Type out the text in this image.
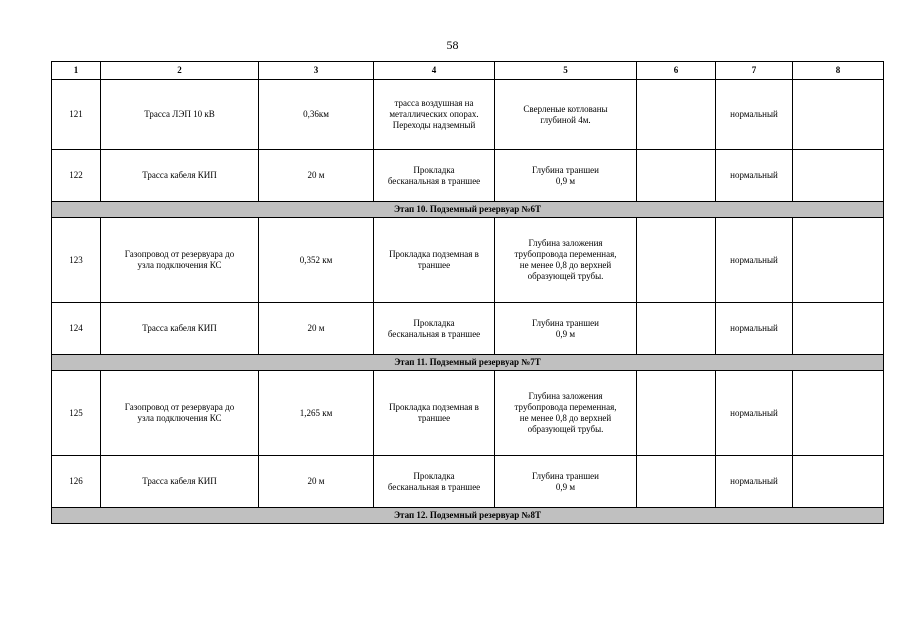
58
1	2	3	4	5	6	7	8
121	Трасса ЛЭП 10 кВ	0,36км	трасса воздушная на
металлических опорах.
Переходы надземный	Сверленые котлованы
глубиной 4м.		нормальный	
122	Трасса кабеля КИП	20 м	Прокладка
бесканальная в траншее	Глубина траншеи
0,9 м		нормальный	
Этап 10. Подземный резервуар №6Т							
123	Газопровод от резервуара до
узла подключения КС	0,352 км	Прокладка подземная в
траншее	Глубина заложения
трубопровода переменная,
не менее 0,8 до верхней
образующей трубы.		нормальный	
124	Трасса кабеля КИП	20 м	Прокладка
бесканальная в траншее	Глубина траншеи
0,9 м		нормальный	
Этап 11. Подземный резервуар №7Т							
125	Газопровод от резервуара до
узла подключения КС	1,265 км	Прокладка подземная в
траншее	Глубина заложения
трубопровода переменная,
не менее 0,8 до верхней
образующей трубы.		нормальный	
126	Трасса кабеля КИП	20 м	Прокладка
бесканальная в траншее	Глубина траншеи
0,9 м		нормальный	
Этап 12. Подземный резервуар №8Т							
